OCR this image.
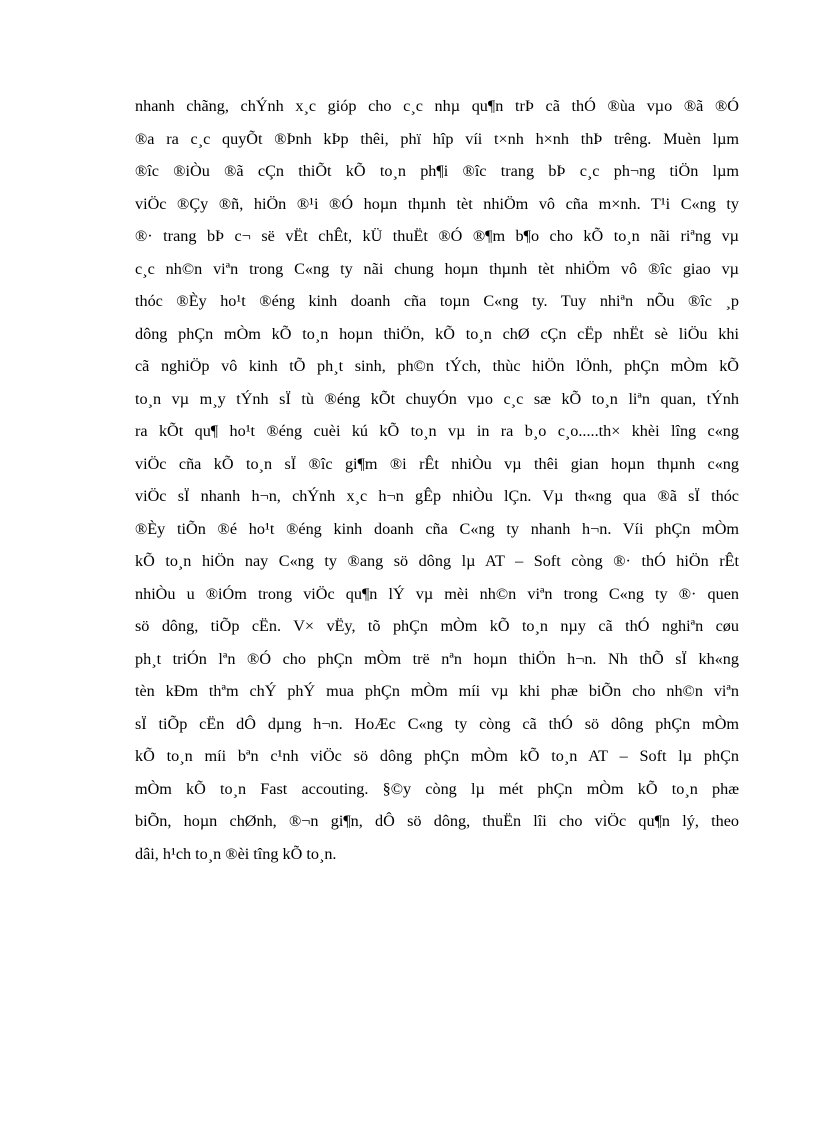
nhanh chãng, chÝnh x¸c gióp cho c¸c nhµ qu¶n trÞ cã thÓ ®ùa vµo ®ã ®Ó
®a ra c¸c quyÕt ®Þnh kÞp thêi, phï hîp víi t×nh h×nh thÞ trêng. Muèn lµm
®îc ®iÒu ®ã cÇn thiÕt kÕ to¸n ph¶i ®îc trang bÞ c¸c ph¬ng tiÖn lµm
viÖc ®Çy ®ñ, hiÖn ®¹i ®Ó hoµn thµnh tèt nhiÖm vô cña m×nh. T¹i C«ng ty
®· trang bÞ c¬ së vËt chÊt, kÜ thuËt ®Ó ®¶m b¶o cho kÕ to¸n nãi riªng vµ
c¸c nh©n viªn trong C«ng ty nãi chung hoµn thµnh tèt nhiÖm vô ®îc giao vµ
thóc ®Èy ho¹t ®éng kinh doanh cña toµn C«ng ty. Tuy nhiªn nÕu ®îc ¸p
dông phÇn mÒm kÕ to¸n hoµn thiÖn, kÕ to¸n chØ cÇn cËp nhËt sè liÖu khi
cã nghiÖp vô kinh tÕ ph¸t sinh, ph©n tÝch, thùc hiÖn lÖnh, phÇn mÒm kÕ
to¸n vµ m¸y tÝnh sÏ tù ®éng kÕt chuyÓn vµo c¸c sæ kÕ to¸n liªn quan, tÝnh
ra kÕt qu¶ ho¹t ®éng cuèi kú kÕ to¸n vµ in ra b¸o c¸o.....th× khèi lîng c«ng
viÖc cña kÕ to¸n sÏ ®îc gi¶m ®i rÊt nhiÒu vµ thêi gian hoµn thµnh c«ng
viÖc sÏ nhanh h¬n, chÝnh x¸c h¬n gÊp nhiÒu lÇn. Vµ th«ng qua ®ã sÏ thóc
®Èy tiÕn ®é ho¹t ®éng kinh doanh cña C«ng ty nhanh h¬n. Víi phÇn mÒm
kÕ to¸n hiÖn nay C«ng ty ®ang sö dông lµ AT – Soft còng ®· thÓ hiÖn rÊt
nhiÒu u ®iÓm trong viÖc qu¶n lÝ vµ mèi nh©n viªn trong C«ng ty ®· quen
sö dông, tiÕp cËn. V× vËy, tõ phÇn mÒm kÕ to¸n nµy cã thÓ nghiªn cøu
ph¸t triÓn lªn ®Ó cho phÇn mÒm trë nªn hoµn thiÖn h¬n. Nh thÕ sÏ kh«ng
tèn kÐm thªm chÝ phÝ mua phÇn mÒm míi vµ khi phæ biÕn cho nh©n viªn
sÏ tiÕp cËn dÔ dµng h¬n. HoÆc C«ng ty còng cã thÓ sö dông phÇn mÒm
kÕ to¸n míi bªn c¹nh viÖc sö dông phÇn mÒm kÕ to¸n AT – Soft lµ phÇn
mÒm kÕ to¸n Fast accouting. §©y còng lµ mét phÇn mÒm kÕ to¸n phæ
biÕn, hoµn chØnh, ®¬n gi¶n, dÔ sö dông, thuËn lîi cho viÖc qu¶n lý, theo
dâi, h¹ch to¸n ®èi tîng kÕ to¸n.
